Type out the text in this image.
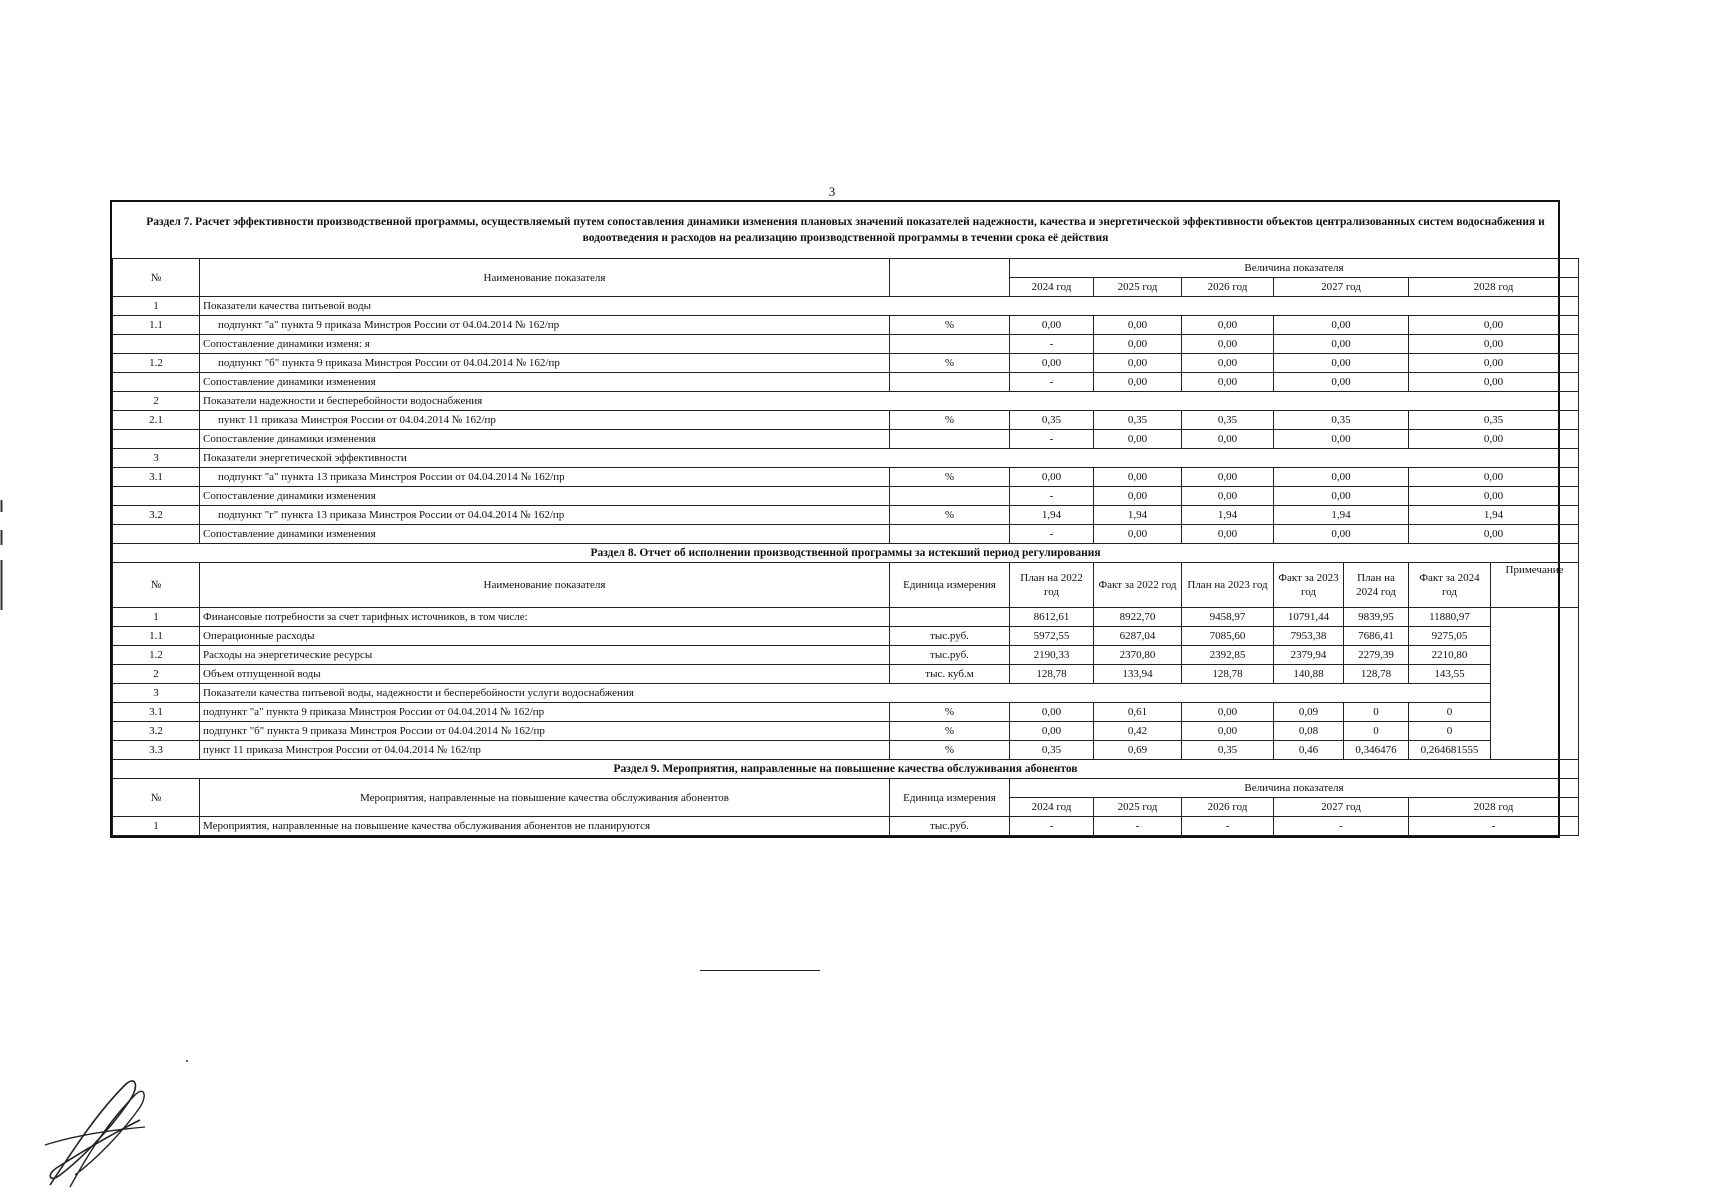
3
Раздел 7. Расчет эффективности производственной программы, осуществляемый путем сопоставления динамики изменения плановых значений показателей надежности, качества и энергетической эффективности объектов централизованных систем водоснабжения и водоотведения и расходов на реализацию производственной программы в течении срока её действия									
№	Наименование показателя		Величина показателя						
			2024 год	2025 год	2026 год	2027 год		2028 год	
1	Показатели качества питьевой воды								
1.1	подпункт "а" пункта 9 приказа Минстроя России от 04.04.2014 № 162/пр	%	0,00	0,00	0,00	0,00		0,00	
	Сопоставление динамики изменя: я		-	0,00	0,00	0,00		0,00	
1.2	подпункт "б" пункта 9 приказа Минстроя России от 04.04.2014 № 162/пр	%	0,00	0,00	0,00	0,00		0,00	
	Сопоставление динамики изменения		-	0,00	0,00	0,00		0,00	
2	Показатели надежности и бесперебойности водоснабжения								
2.1	пункт 11 приказа Минстроя России от 04.04.2014 № 162/пр	%	0,35	0,35	0,35	0,35		0,35	
	Сопоставление динамики изменения		-	0,00	0,00	0,00		0,00	
3	Показатели энергетической эффективности								
3.1	подпункт "а" пункта 13 приказа Минстроя России от 04.04.2014 № 162/пр	%	0,00	0,00	0,00	0,00		0,00	
	Сопоставление динамики изменения		-	0,00	0,00	0,00		0,00	
3.2	подпункт "г" пункта 13 приказа Минстроя России от 04.04.2014 № 162/пр	%	1,94	1,94	1,94	1,94		1,94	
	Сопоставление динамики изменения		-	0,00	0,00	0,00		0,00	
Раздел 8. Отчет об исполнении производственной программы за истекший период регулирования									
№	Наименование показателя	Единица измерения	План на 2022 год	Факт за 2022 год	План на 2023 год	Факт за 2023 год	План на 2024 год	Факт за 2024 год	Примечание
1	Финансовые потребности за счет тарифных источников, в том числе:		8612,61	8922,70	9458,97	10791,44	9839,95	11880,97	
1.1	Операционные расходы	тыс.руб.	5972,55	6287,04	7085,60	7953,38	7686,41	9275,05	
1.2	Расходы на энергетические ресурсы	тыс.руб.	2190,33	2370,80	2392,85	2379,94	2279,39	2210,80	
2	Объем отпущенной воды	тыс. куб.м	128,78	133,94	128,78	140,88	128,78	143,55	
3	Показатели качества питьевой воды, надежности и бесперебойности услуги водоснабжения								
3.1	подпункт "а" пункта 9 приказа Минстроя России от 04.04.2014 № 162/пр	%	0,00	0,61	0,00	0,09	0	0	
3.2	подпункт "б" пункта 9 приказа Минстроя России от 04.04.2014 № 162/пр	%	0,00	0,42	0,00	0,08	0	0	
3.3	пункт 11 приказа Минстроя России от 04.04.2014 № 162/пр	%	0,35	0,69	0,35	0,46	0,346476	0,264681555	
Раздел 9. Мероприятия, направленные на повышение качества обслуживания абонентов									
№	Мероприятия, направленные на повышение качества обслуживания абонентов	Единица измерения	Величина показателя						
			2024 год	2025 год	2026 год	2027 год		2028 год	
1	Мероприятия, направленные на повышение качества обслуживания абонентов не планируются	тыс.руб.	-	-	-	-		-	
